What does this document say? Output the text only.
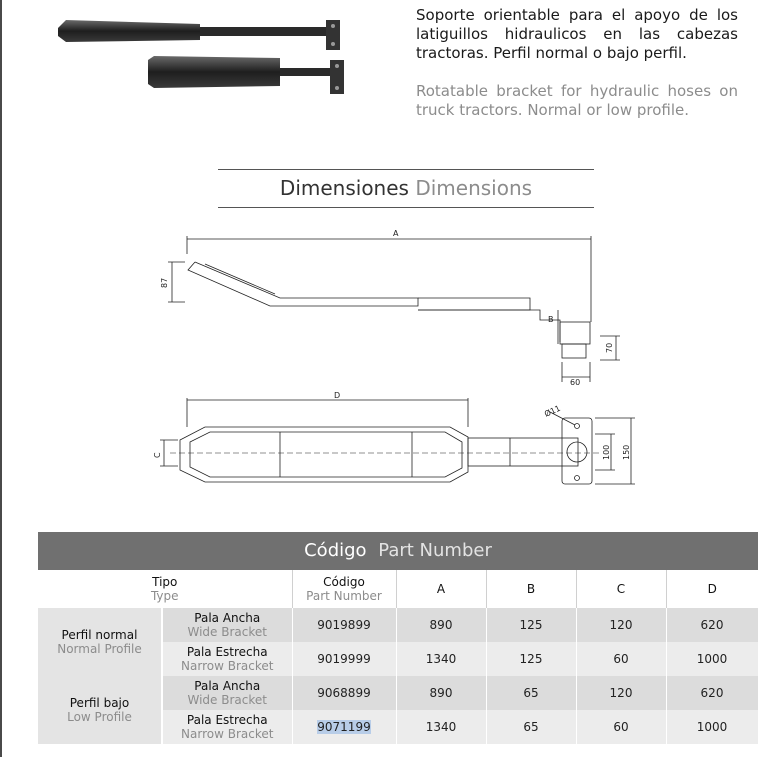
Soporte orientable para el apoyo de los latiguillos hidraulicos en las cabezas tractoras. Perfil normal o bajo perfil.
Rotatable bracket for hydraulic hoses on truck tractors. Normal or low profile.
Dimensiones Dimensions
A
87
B
70
60
D
C
Ø11
100 150
Código Part Number
Tipo
Type		Código
Part Number	A	B	C	D

Perfil normal
Normal Profile	Pala Ancha
Wide Bracket	9019899	890	125	120	620

	Pala Estrecha
Narrow Bracket	9019999	1340	125	60	1000

Perfil bajo
Low Profile	Pala Ancha
Wide Bracket	9068899	890	65	120	620

	Pala Estrecha
Narrow Bracket	9071199	1340	65	60	1000
